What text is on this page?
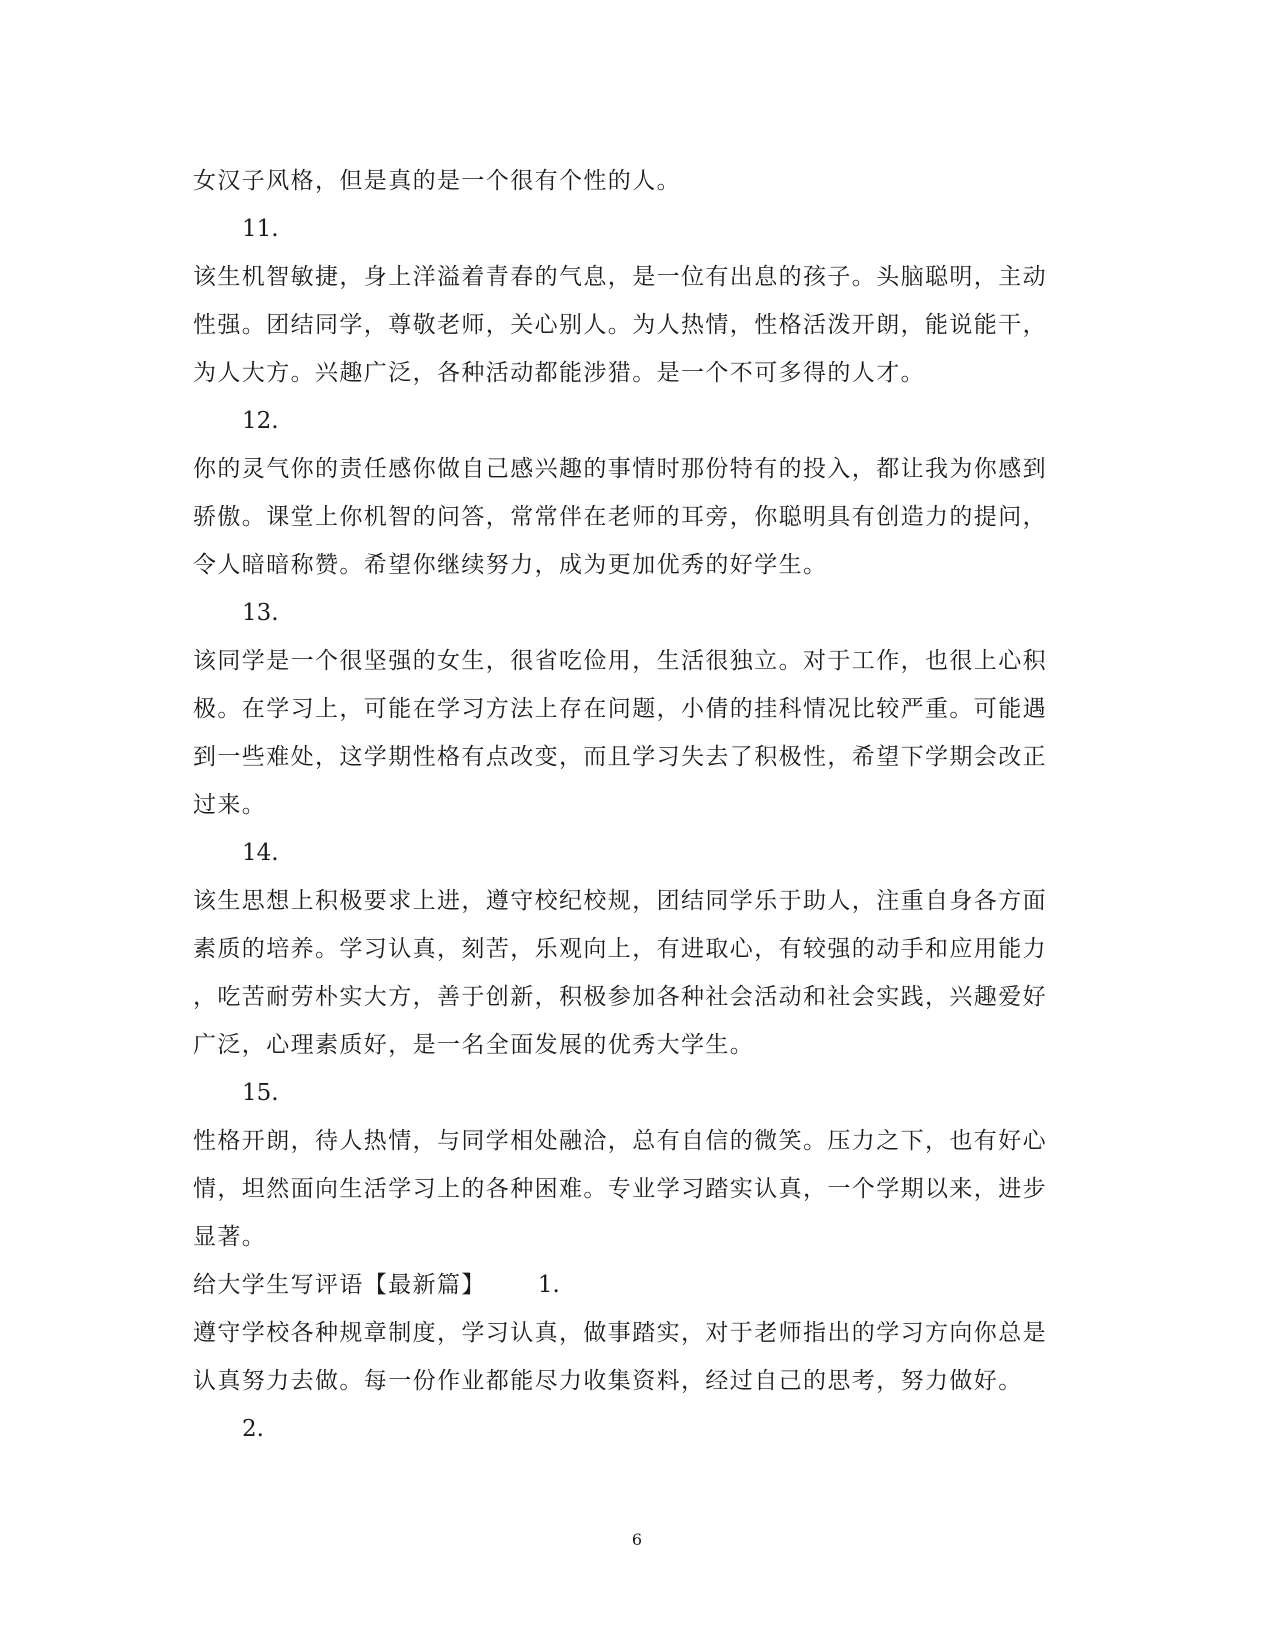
女汉子风格，但是真的是一个很有个性的人。
11.
该生机智敏捷，身上洋溢着青春的气息，是一位有出息的孩子。头脑聪明，主动
性强。团结同学，尊敬老师，关心别人。为人热情，性格活泼开朗，能说能干，
为人大方。兴趣广泛，各种活动都能涉猎。是一个不可多得的人才。
12.
你的灵气你的责任感你做自己感兴趣的事情时那份特有的投入，都让我为你感到
骄傲。课堂上你机智的问答，常常伴在老师的耳旁，你聪明具有创造力的提问，
令人暗暗称赞。希望你继续努力，成为更加优秀的好学生。
13.
该同学是一个很坚强的女生，很省吃俭用，生活很独立。对于工作，也很上心积
极。在学习上，可能在学习方法上存在问题，小倩的挂科情况比较严重。可能遇
到一些难处，这学期性格有点改变，而且学习失去了积极性，希望下学期会改正
过来。
14.
该生思想上积极要求上进，遵守校纪校规，团结同学乐于助人，注重自身各方面
素质的培养。学习认真，刻苦，乐观向上，有进取心，有较强的动手和应用能力
，吃苦耐劳朴实大方，善于创新，积极参加各种社会活动和社会实践，兴趣爱好
广泛，心理素质好，是一名全面发展的优秀大学生。
15.
性格开朗，待人热情，与同学相处融洽，总有自信的微笑。压力之下，也有好心
情，坦然面向生活学习上的各种困难。专业学习踏实认真，一个学期以来，进步
显著。
给大学生写评语【最新篇】 1.
遵守学校各种规章制度，学习认真，做事踏实，对于老师指出的学习方向你总是
认真努力去做。每一份作业都能尽力收集资料，经过自己的思考，努力做好。
2.
6
